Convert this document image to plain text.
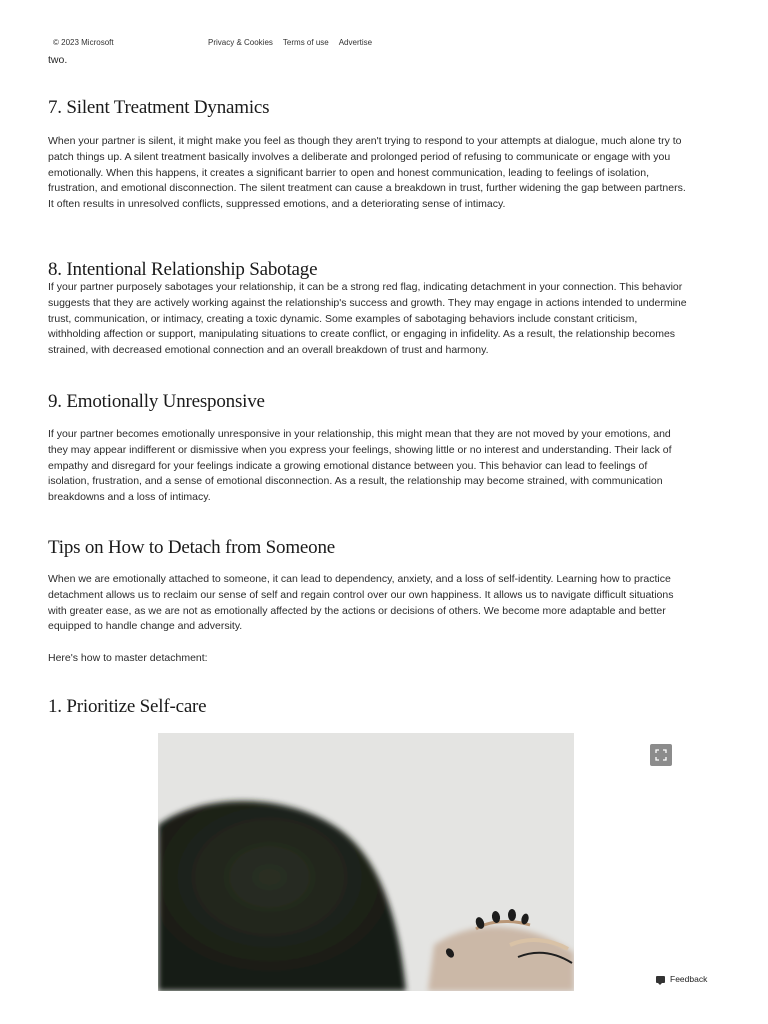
© 2023 Microsoft	Privacy & Cookies Terms of use Advertise

two.

7. Silent Treatment Dynamics

When your partner is silent, it might make you feel as though they aren't trying to respond to your attempts at dialogue, much alone try to patch things up. A silent treatment basically involves a deliberate and prolonged period of refusing to communicate or engage with you emotionally. When this happens, it creates a significant barrier to open and honest communication, leading to feelings of isolation, frustration, and emotional disconnection. The silent treatment can cause a breakdown in trust, further widening the gap between partners. It often results in unresolved conflicts, suppressed emotions, and a deteriorating sense of intimacy.

8. Intentional Relationship Sabotage

If your partner purposely sabotages your relationship, it can be a strong red flag, indicating detachment in your connection. This behavior suggests that they are actively working against the relationship's success and growth. They may engage in actions intended to undermine trust, communication, or intimacy, creating a toxic dynamic. Some examples of sabotaging behaviors include constant criticism, withholding affection or support, manipulating situations to create conflict, or engaging in infidelity. As a result, the relationship becomes strained, with decreased emotional connection and an overall breakdown of trust and harmony.

9. Emotionally Unresponsive

If your partner becomes emotionally unresponsive in your relationship, this might mean that they are not moved by your emotions, and they may appear indifferent or dismissive when you express your feelings, showing little or no interest and understanding. Their lack of empathy and disregard for your feelings indicate a growing emotional distance between you. This behavior can lead to feelings of isolation, frustration, and a sense of emotional disconnection. As a result, the relationship may become strained, with communication breakdowns and a loss of intimacy.

Tips on How to Detach from Someone

When we are emotionally attached to someone, it can lead to dependency, anxiety, and a loss of self-identity. Learning how to practice detachment allows us to reclaim our sense of self and regain control over our own happiness. It allows us to navigate difficult situations with greater ease, as we are not as emotionally affected by the actions or decisions of others. We become more adaptable and better equipped to handle change and adversity.

Here's how to master detachment:

1. Prioritize Self-care
Feedback
